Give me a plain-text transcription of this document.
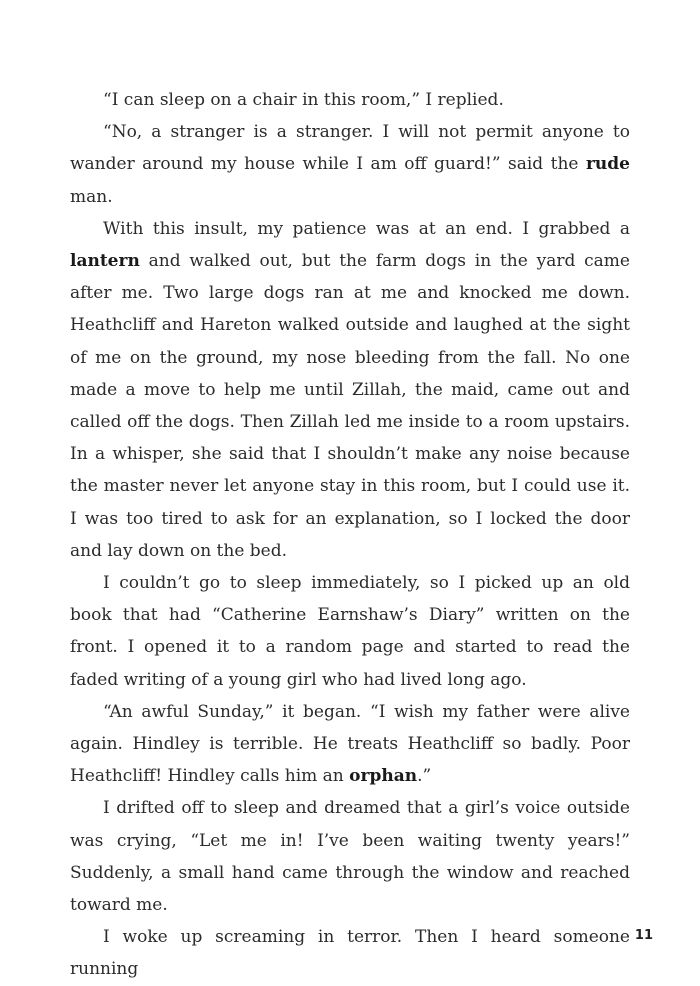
“I can sleep on a chair in this room,” I replied.

“No, a stranger is a stranger. I will not permit anyone to wander around my house while I am off guard!” said the rude man.

With this insult, my patience was at an end. I grabbed a lantern and walked out, but the farm dogs in the yard came after me. Two large dogs ran at me and knocked me down. Heathcliff and Hareton walked outside and laughed at the sight of me on the ground, my nose bleeding from the fall. No one made a move to help me until Zillah, the maid, came out and called off the dogs. Then Zillah led me inside to a room upstairs. In a whisper, she said that I shouldn’t make any noise because the master never let anyone stay in this room, but I could use it. I was too tired to ask for an explanation, so I locked the door and lay down on the bed.

I couldn’t go to sleep immediately, so I picked up an old book that had “Catherine Earnshaw’s Diary” written on the front. I opened it to a random page and started to read the faded writing of a young girl who had lived long ago.

“An awful Sunday,” it began. “I wish my father were alive again. Hindley is terrible. He treats Heathcliff so badly. Poor Heathcliff! Hindley calls him an orphan.”

I drifted off to sleep and dreamed that a girl’s voice outside was crying, “Let me in! I’ve been waiting twenty years!” Suddenly, a small hand came through the window and reached toward me.

I woke up screaming in terror. Then I heard someone running

11
